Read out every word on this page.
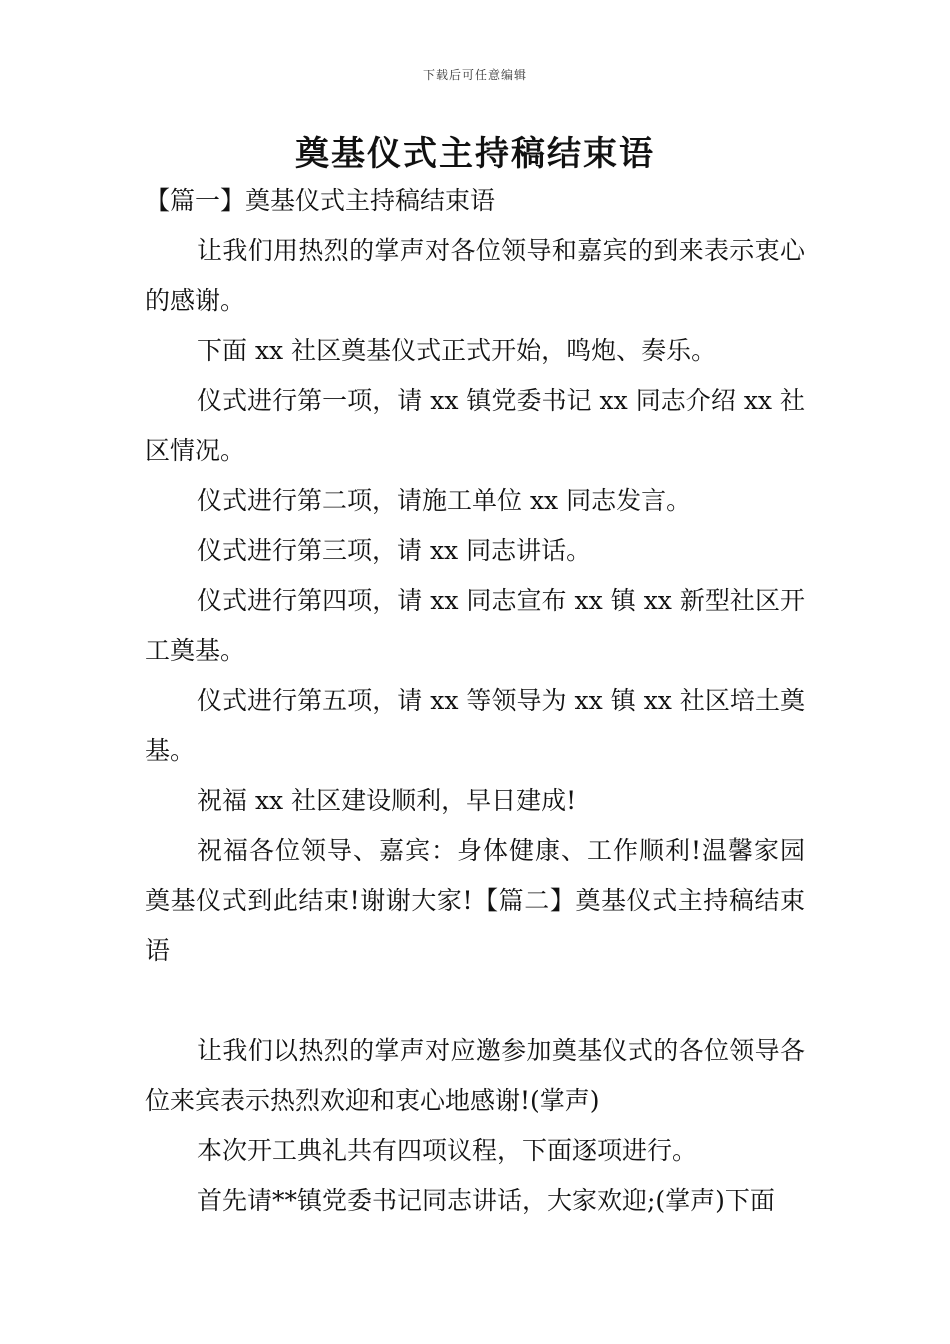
下载后可任意编辑
奠基仪式主持稿结束语

【篇一】奠基仪式主持稿结束语

让我们用热烈的掌声对各位领导和嘉宾的到来表示衷心的感谢。

下面 xx 社区奠基仪式正式开始，鸣炮、奏乐。

仪式进行第一项，请 xx 镇党委书记 xx 同志介绍 xx 社区情况。

仪式进行第二项，请施工单位 xx 同志发言。

仪式进行第三项，请 xx 同志讲话。

仪式进行第四项，请 xx 同志宣布 xx 镇 xx 新型社区开工奠基。

仪式进行第五项，请 xx 等领导为 xx 镇 xx 社区培土奠基。

祝福 xx 社区建设顺利，早日建成!

祝福各位领导、嘉宾：身体健康、工作顺利!温馨家园奠基仪式到此结束!谢谢大家!【篇二】奠基仪式主持稿结束语

让我们以热烈的掌声对应邀参加奠基仪式的各位领导各位来宾表示热烈欢迎和衷心地感谢!(掌声)

本次开工典礼共有四项议程，下面逐项进行。

首先请**镇党委书记同志讲话，大家欢迎;(掌声)下面
